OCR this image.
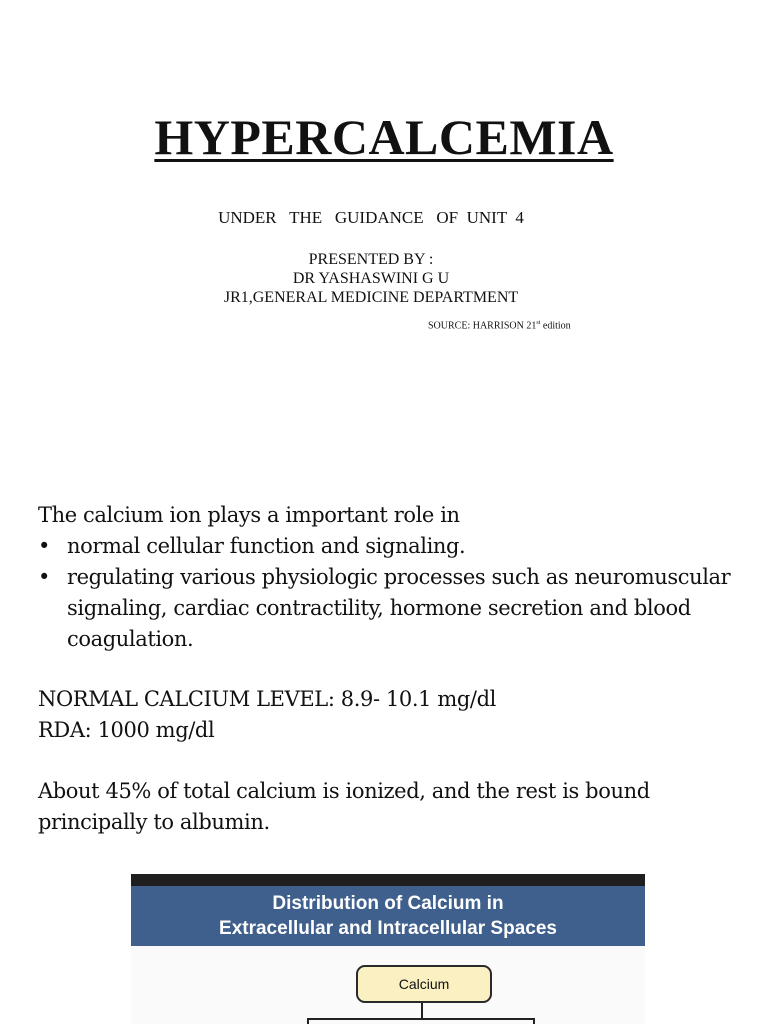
HYPERCALCEMIA
UNDER   THE   GUIDANCE   OF  UNIT  4
PRESENTED BY :
DR YASHASWINI G U
JR1,GENERAL MEDICINE DEPARTMENT
SOURCE: HARRISON 21st edition
The calcium ion plays a important role in
• normal cellular function and signaling.
• regulating various physiologic processes such as neuromuscular signaling, cardiac contractility, hormone secretion and blood coagulation.
NORMAL CALCIUM LEVEL: 8.9- 10.1 mg/dl
RDA: 1000 mg/dl
About 45% of total calcium is ionized, and the rest is bound principally to albumin.
Distribution of Calcium in
Extracellular and Intracellular Spaces
Calcium
